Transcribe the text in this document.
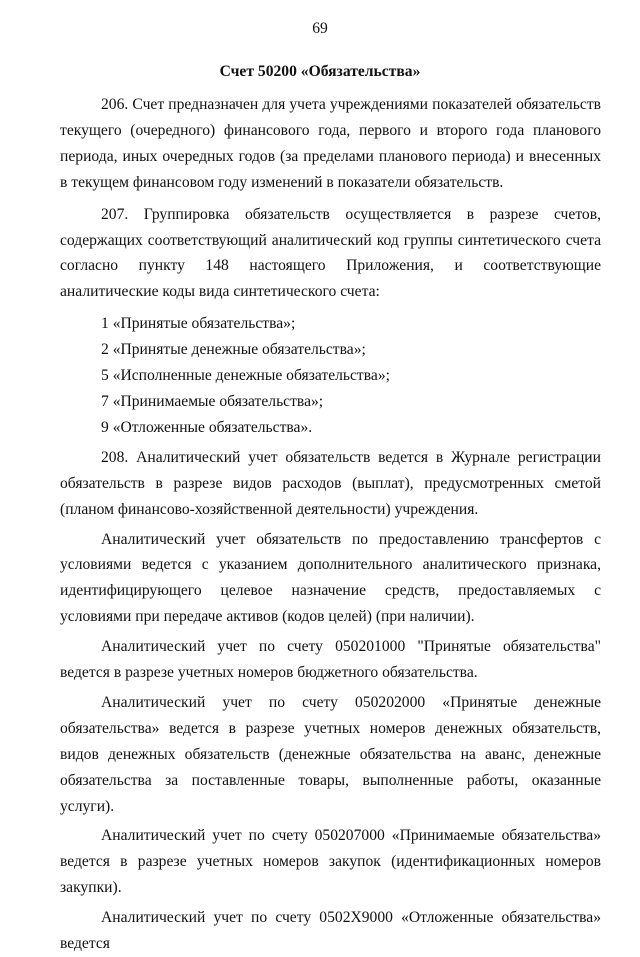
69
Счет 50200 «Обязательства»

206. Счет предназначен для учета учреждениями показателей обязательств текущего (очередного) финансового года, первого и второго года планового периода, иных очередных годов (за пределами планового периода) и внесенных в текущем финансовом году изменений в показатели обязательств.

207. Группировка обязательств осуществляется в разрезе счетов, содержащих соответствующий аналитический код группы синтетического счета согласно пункту 148 настоящего Приложения, и соответствующие аналитические коды вида синтетического счета:

1 «Принятые обязательства»;

2 «Принятые денежные обязательства»;

5 «Исполненные денежные обязательства»;

7 «Принимаемые обязательства»;

9 «Отложенные обязательства».

208. Аналитический учет обязательств ведется в Журнале регистрации обязательств в разрезе видов расходов (выплат), предусмотренных сметой (планом финансово-хозяйственной деятельности) учреждения.

Аналитический учет обязательств по предоставлению трансфертов с условиями ведется с указанием дополнительного аналитического признака, идентифицирующего целевое назначение средств, предоставляемых с условиями при передаче активов (кодов целей) (при наличии).

Аналитический учет по счету 050201000 "Принятые обязательства" ведется в разрезе учетных номеров бюджетного обязательства.

Аналитический учет по счету 050202000 «Принятые денежные обязательства» ведется в разрезе учетных номеров денежных обязательств, видов денежных обязательств (денежные обязательства на аванс, денежные обязательства за поставленные товары, выполненные работы, оказанные услуги).

Аналитический учет по счету 050207000 «Принимаемые обязательства» ведется в разрезе учетных номеров закупок (идентификационных номеров закупки).

Аналитический учет по счету 0502Х9000 «Отложенные обязательства» ведется
